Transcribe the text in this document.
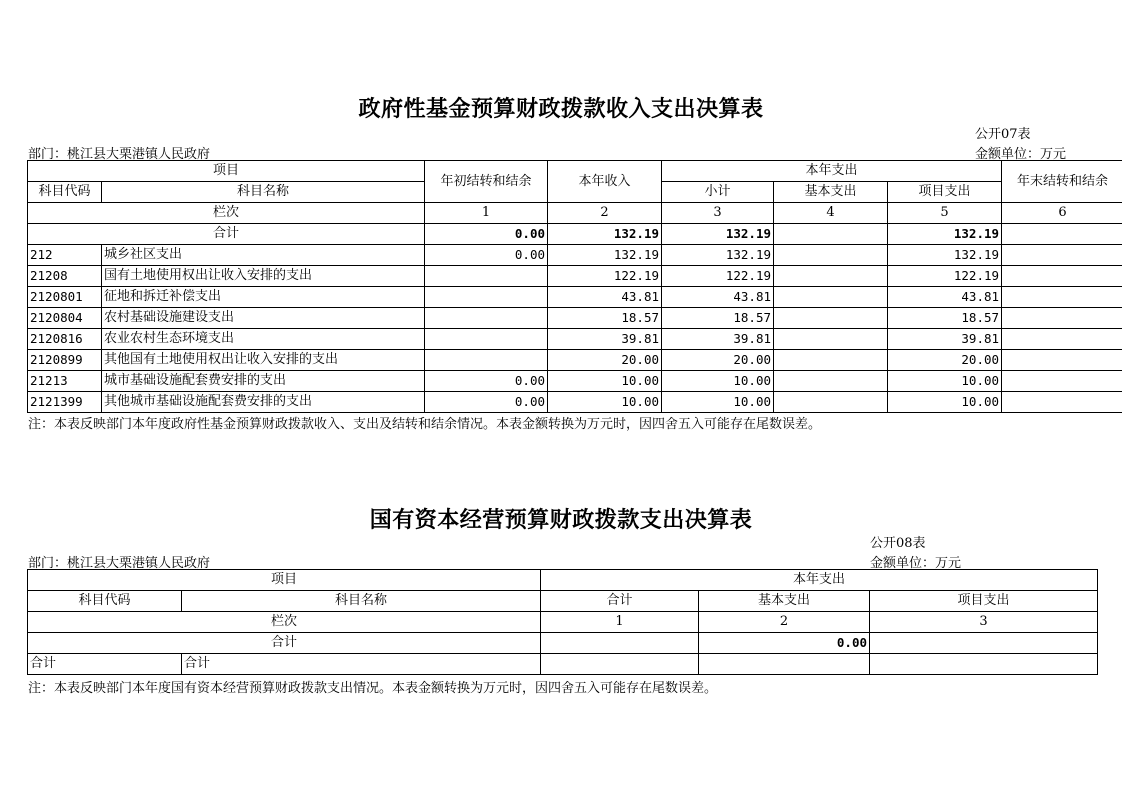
政府性基金预算财政拨款收入支出决算表
公开07表
部门：桃江县大栗港镇人民政府	金额单位：万元
项目		年初结转和结余	本年收入	本年支出			年末结转和结余
科目代码	科目名称			小计	基本支出	项目支出	
栏次		1	2	3	4	5	6
合计		0.00	132.19	132.19		132.19	
212	城乡社区支出	0.00	132.19	132.19		132.19	
21208	国有土地使用权出让收入安排的支出		122.19	122.19		122.19	
2120801	征地和拆迁补偿支出		43.81	43.81		43.81	
2120804	农村基础设施建设支出		18.57	18.57		18.57	
2120816	农业农村生态环境支出		39.81	39.81		39.81	
2120899	其他国有土地使用权出让收入安排的支出		20.00	20.00		20.00	
21213	城市基础设施配套费安排的支出	0.00	10.00	10.00		10.00	
2121399	其他城市基础设施配套费安排的支出	0.00	10.00	10.00		10.00	
注：本表反映部门本年度政府性基金预算财政拨款收入、支出及结转和结余情况。本表金额转换为万元时，因四舍五入可能存在尾数误差。
国有资本经营预算财政拨款支出决算表
公开08表
部门：桃江县大栗港镇人民政府	金额单位：万元
项目		本年支出		
科目代码	科目名称	合计	基本支出	项目支出
栏次		1	2	3
合计			0.00	
合计	合计			
注：本表反映部门本年度国有资本经营预算财政拨款支出情况。本表金额转换为万元时，因四舍五入可能存在尾数误差。
